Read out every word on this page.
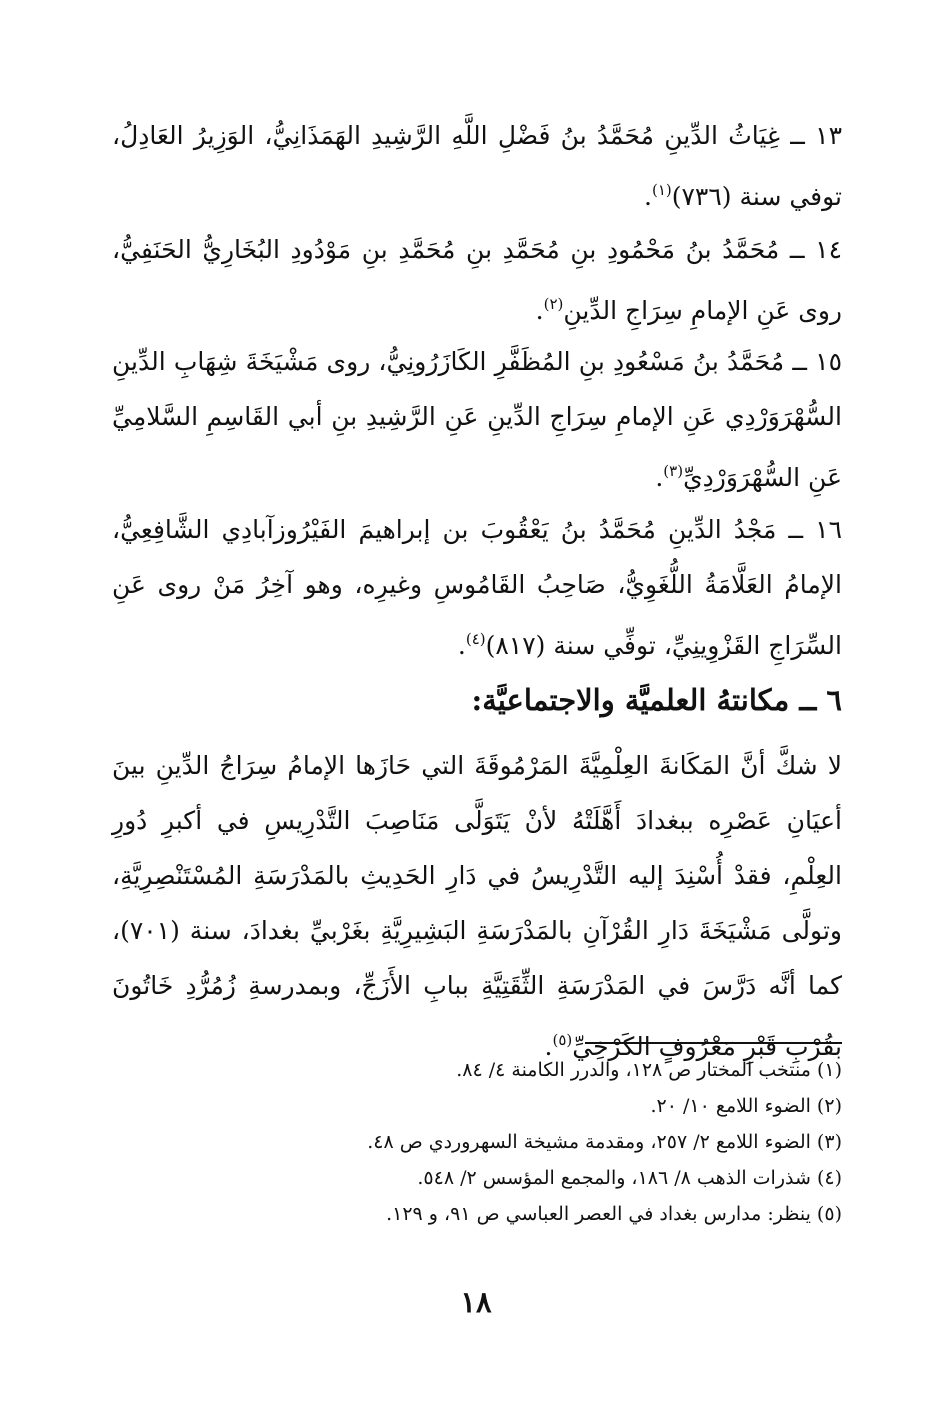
١٣ ــ غِيَاثُ الدِّينِ مُحَمَّدُ بنُ فَضْلِ اللَّهِ الرَّشِيدِ الهَمَذَانِيُّ، الوَزِيرُ العَادِلُ، توفي سنة (٧٣٦)$^{(١)}$.

١٤ ــ مُحَمَّدُ بنُ مَحْمُودِ بنِ مُحَمَّدِ بنِ مُحَمَّدِ بنِ مَوْدُودِ البُخَارِيُّ الحَنَفِيُّ، روى عَنِ الإمامِ سِرَاجِ الدِّينِ$^{(٢)}$.

١٥ ــ مُحَمَّدُ بنُ مَسْعُودِ بنِ المُظَفَّرِ الكَازَرُونِيُّ، روى مَشْيَخَةَ شِهَابِ الدِّينِ السُّهْرَوَرْدِي عَنِ الإمامِ سِرَاجِ الدِّينِ عَنِ الرَّشِيدِ بنِ أبي القَاسِمِ السَّلامِيِّ عَنِ السُّهْرَوَرْدِيِّ$^{(٣)}$.

١٦ ــ مَجْدُ الدِّينِ مُحَمَّدُ بنُ يَعْقُوبَ بن إبراهيمَ الفَيْرُوزآبادِي الشَّافِعِيُّ، الإمامُ العَلَّامَةُ اللُّغَوِيُّ، صَاحِبُ القَامُوسِ وغيرِه، وهو آخِرُ مَنْ روى عَنِ السِّرَاجِ القَزْوِينِيِّ، توفِّي سنة (٨١٧)$^{(٤)}$.

٦ ــ مكانتهُ العلميَّة والاجتماعيَّة:

لا شكَّ أنَّ المَكَانةَ العِلْمِيَّةَ المَرْمُوقَةَ التي حَازَها الإمامُ سِرَاجُ الدِّينِ بينَ أعيَانِ عَصْرِه ببغدادَ أَهَّلَتْهُ لأنْ يَتَوَلَّى مَنَاصِبَ التَّدْرِيسِ في أكبرِ دُورِ العِلْمِ، فقدْ أُسْنِدَ إليه التَّدْرِيسُ في دَارِ الحَدِيثِ بالمَدْرَسَةِ المُسْتَنْصِرِيَّةِ، وتولَّى مَشْيَخَةَ دَارِ القُرْآنِ بالمَدْرَسَةِ البَشِيرِيَّةِ بغَرْبيِّ بغدادَ، سنة (٧٠١)، كما أنَّه دَرَّسَ في المَدْرَسَةِ الثِّقَتِيَّةِ ببابِ الأَزَجِّ، وبمدرسةِ زُمُرُّدِ خَاتُونَ بقُرْبِ قَبْرِ مَعْرُوفٍ الكَرْخِيِّ$^{(٥)}$.

(١) منتخب المختار ص ١٢٨، والدرر الكامنة ٤/ ٨٤.
(٢) الضوء اللامع ١٠/ ٢٠.
(٣) الضوء اللامع ٢/ ٢٥٧، ومقدمة مشيخة السهروردي ص ٤٨.
(٤) شذرات الذهب ٨/ ١٨٦، والمجمع المؤسس ٢/ ٥٤٨.
(٥) ينظر: مدارس بغداد في العصر العباسي ص ٩١، و ١٢٩.
١٨
